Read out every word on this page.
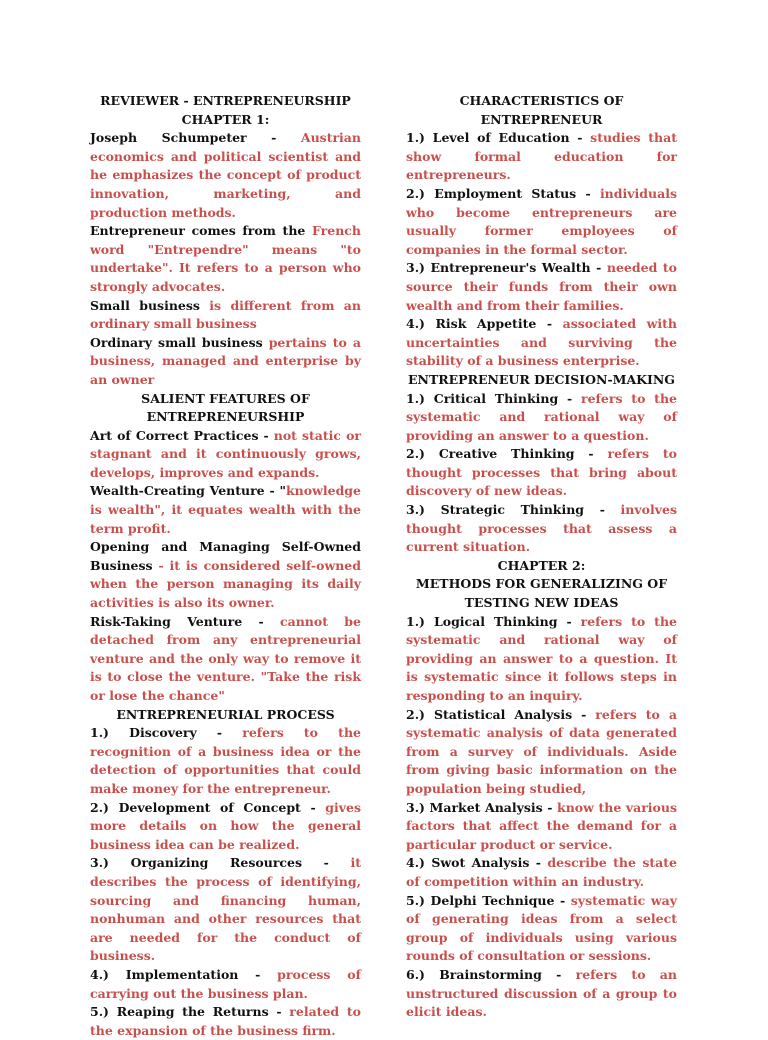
REVIEWER - ENTREPRENEURSHIP
CHAPTER 1:
Joseph Schumpeter - Austrian economics and political scientist and he emphasizes the concept of product innovation, marketing, and production methods.
Entrepreneur comes from the French word "Entrependre" means "to undertake". It refers to a person who strongly advocates.
Small business is different from an ordinary small business
Ordinary small business pertains to a business, managed and enterprise by an owner
SALIENT FEATURES OF ENTREPRENEURSHIP
Art of Correct Practices - not static or stagnant and it continuously grows, develops, improves and expands.
Wealth-Creating Venture - "knowledge is wealth", it equates wealth with the term profit.
Opening and Managing Self-Owned Business - it is considered self-owned when the person managing its daily activities is also its owner.
Risk-Taking Venture - cannot be detached from any entrepreneurial venture and the only way to remove it is to close the venture. "Take the risk or lose the chance"
ENTREPRENEURIAL PROCESS
1.) Discovery - refers to the recognition of a business idea or the detection of opportunities that could make money for the entrepreneur.
2.) Development of Concept - gives more details on how the general business idea can be realized.
3.) Organizing Resources - it describes the process of identifying, sourcing and financing human, nonhuman and other resources that are needed for the conduct of business.
4.) Implementation - process of carrying out the business plan.
5.) Reaping the Returns - related to the expansion of the business firm.
CHARACTERISTICS OF ENTREPRENEUR
1.) Level of Education - studies that show formal education for entrepreneurs.
2.) Employment Status - individuals who become entrepreneurs are usually former employees of companies in the formal sector.
3.) Entrepreneur's Wealth - needed to source their funds from their own wealth and from their families.
4.) Risk Appetite - associated with uncertainties and surviving the stability of a business enterprise.
ENTREPRENEUR DECISION-MAKING
1.) Critical Thinking - refers to the systematic and rational way of providing an answer to a question.
2.) Creative Thinking - refers to thought processes that bring about discovery of new ideas.
3.) Strategic Thinking - involves thought processes that assess a current situation.
CHAPTER 2:
METHODS FOR GENERALIZING OF TESTING NEW IDEAS
1.) Logical Thinking - refers to the systematic and rational way of providing an answer to a question. It is systematic since it follows steps in responding to an inquiry.
2.) Statistical Analysis - refers to a systematic analysis of data generated from a survey of individuals. Aside from giving basic information on the population being studied,
3.) Market Analysis - know the various factors that affect the demand for a particular product or service.
4.) Swot Analysis - describe the state of competition within an industry.
5.) Delphi Technique - systematic way of generating ideas from a select group of individuals using various rounds of consultation or sessions.
6.) Brainstorming - refers to an unstructured discussion of a group to elicit ideas.
